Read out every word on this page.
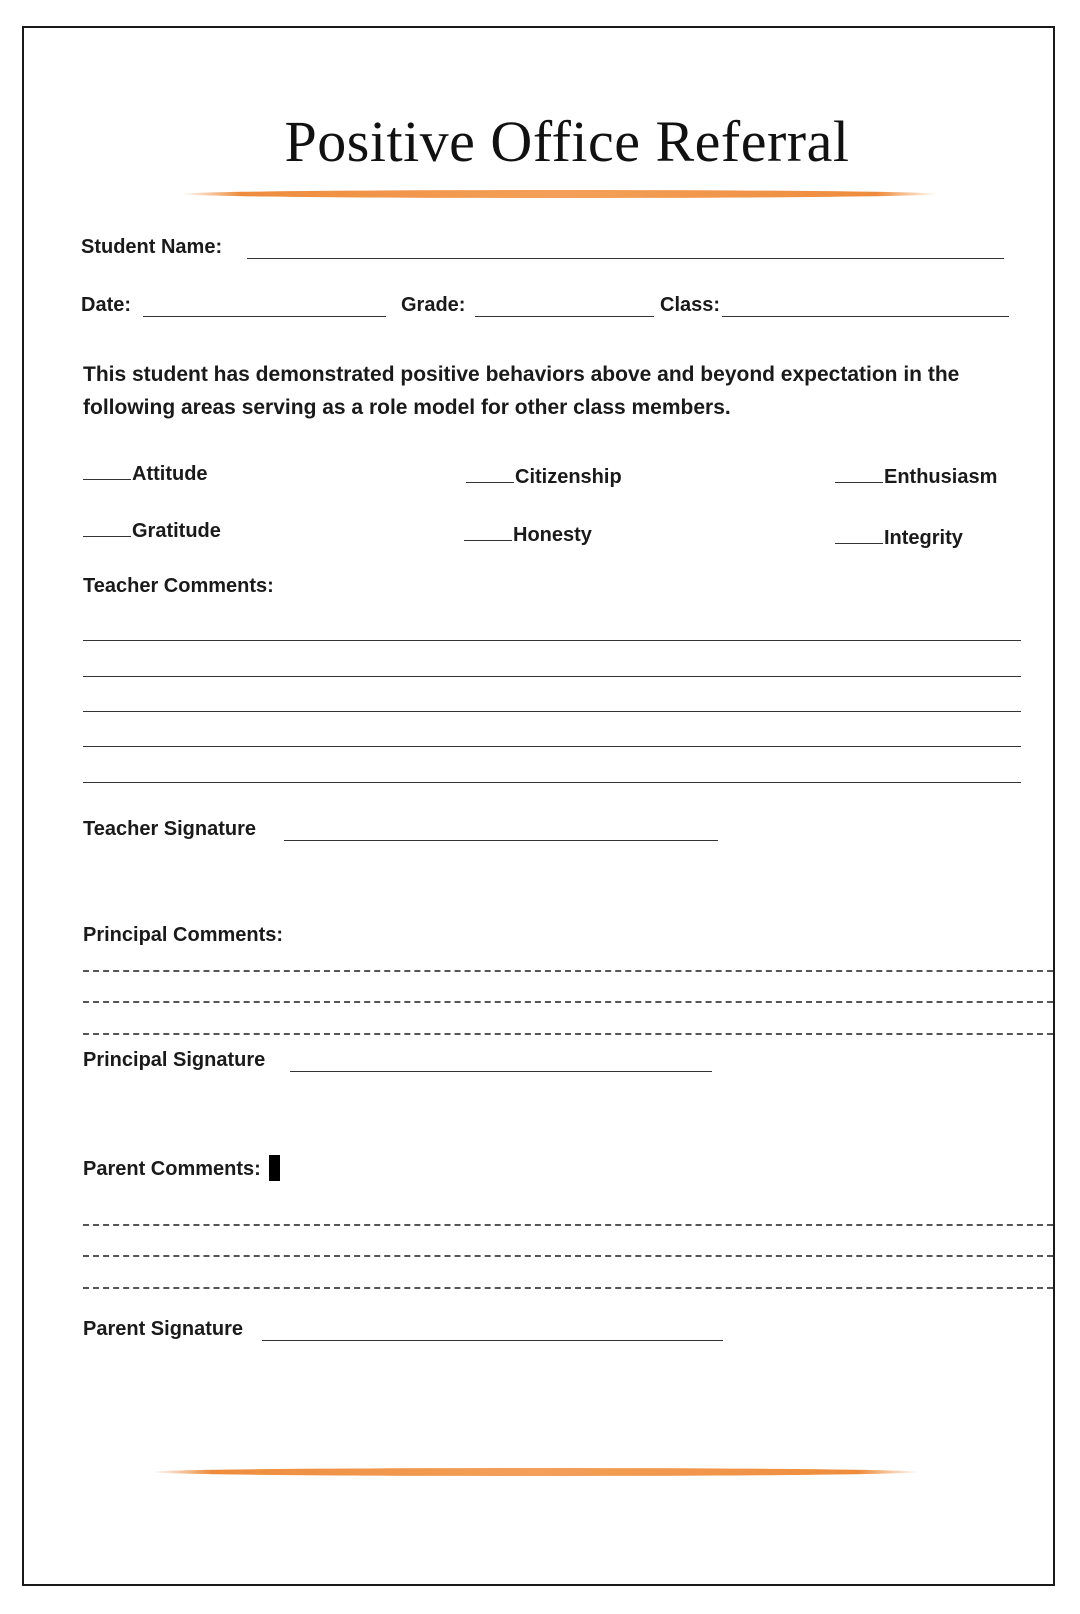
Positive Office Referral
Student Name:
Date:	Grade:	Class:
This student has demonstrated positive behaviors above and beyond expectation in the following areas serving as a role model for other class members.
Attitude	Citizenship	Enthusiasm
Gratitude	Honesty	Integrity
Teacher Comments:
Teacher Signature
Principal Comments:
Principal Signature
Parent Comments:
Parent Signature
